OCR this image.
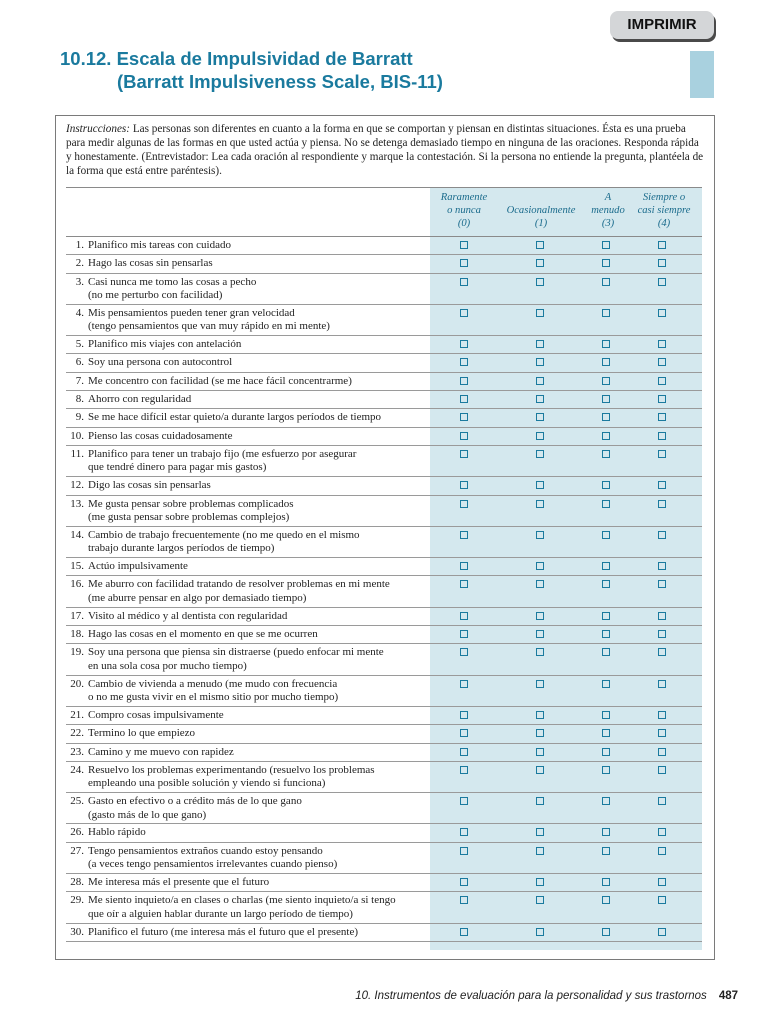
IMPRIMIR
10.12. Escala de Impulsividad de Barratt
(Barratt Impulsiveness Scale, BIS-11)
Instrucciones: Las personas son diferentes en cuanto a la forma en que se comportan y piensan en distintas situaciones. Ésta es una prueba para medir algunas de las formas en que usted actúa y piensa. No se detenga demasiado tiempo en ninguna de las oraciones. Responda rápida y honestamente. (Entrevistador: Lea cada oración al respondiente y marque la contestación. Si la persona no entiende la pregunta, plantéela de la forma que está entre paréntesis).
Raramente
o nunca
(0)

Ocasionalmente
(1)
A
menudo
(3)
Siempre o
casi siempre
(4)
1. Planifico mis tareas con cuidado
2. Hago las cosas sin pensarlas
3. Casi nunca me tomo las cosas a pecho
(no me perturbo con facilidad)
4. Mis pensamientos pueden tener gran velocidad
(tengo pensamientos que van muy rápido en mi mente)
5. Planifico mis viajes con antelación
6. Soy una persona con autocontrol
7. Me concentro con facilidad (se me hace fácil concentrarme)
8. Ahorro con regularidad
9. Se me hace difícil estar quieto/a durante largos períodos de tiempo
10. Pienso las cosas cuidadosamente
11. Planifico para tener un trabajo fijo (me esfuerzo por asegurar
que tendré dinero para pagar mis gastos)
12. Digo las cosas sin pensarlas
13. Me gusta pensar sobre problemas complicados
(me gusta pensar sobre problemas complejos)
14. Cambio de trabajo frecuentemente (no me quedo en el mismo
trabajo durante largos períodos de tiempo)
15. Actúo impulsivamente
16. Me aburro con facilidad tratando de resolver problemas en mi mente
(me aburre pensar en algo por demasiado tiempo)
17. Visito al médico y al dentista con regularidad
18. Hago las cosas en el momento en que se me ocurren
19. Soy una persona que piensa sin distraerse (puedo enfocar mi mente
en una sola cosa por mucho tiempo)
20. Cambio de vivienda a menudo (me mudo con frecuencia
o no me gusta vivir en el mismo sitio por mucho tiempo)
21. Compro cosas impulsivamente
22. Termino lo que empiezo
23. Camino y me muevo con rapidez
24. Resuelvo los problemas experimentando (resuelvo los problemas
empleando una posible solución y viendo si funciona)
25. Gasto en efectivo o a crédito más de lo que gano
(gasto más de lo que gano)
26. Hablo rápido
27. Tengo pensamientos extraños cuando estoy pensando
(a veces tengo pensamientos irrelevantes cuando pienso)
28. Me interesa más el presente que el futuro
29. Me siento inquieto/a en clases o charlas (me siento inquieto/a si tengo
que oír a alguien hablar durante un largo período de tiempo)
30. Planifico el futuro (me interesa más el futuro que el presente)
10. Instrumentos de evaluación para la personalidad y sus trastornos 487
